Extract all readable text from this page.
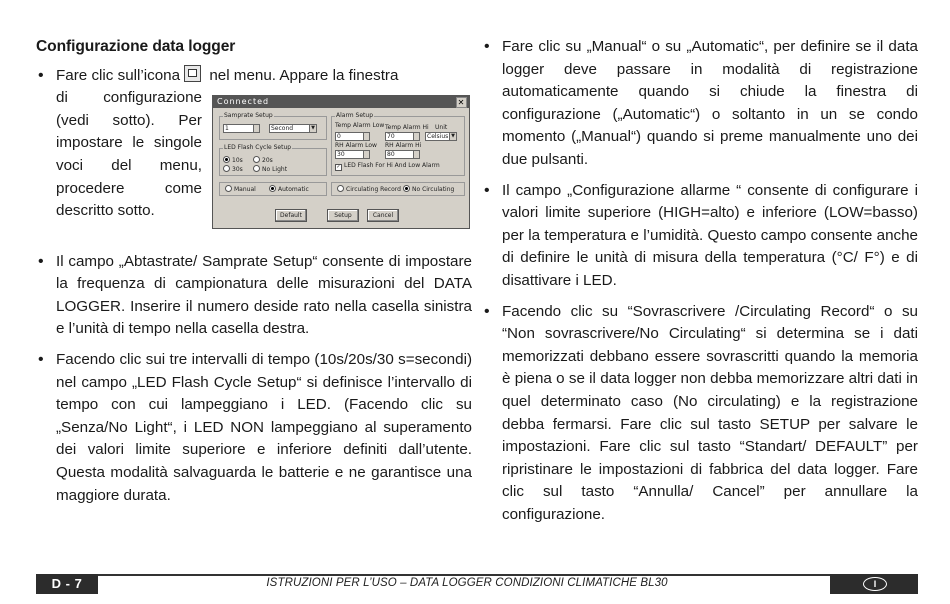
Configurazione data logger
• Fare clic sull’icona nel menu. Appare la finestra
di configurazione (vedi sotto). Per impostare le singole voci del menu, procedere come descritto sotto.
• Il campo „Abtastrate/ Samprate Setup“ consente di impostare la frequenza di campionatura delle misurazioni del DATA LOGGER. Inserire il numero deside rato nella casella sinistra e l’unità di tempo nella casella destra.
• Facendo clic sui tre intervalli di tempo (10s/20s/30 s=secondi) nel campo „LED Flash Cycle Setup“ si definisce l’intervallo di tempo con cui lampeggiano i LED. (Facendo clic su „Senza/No Light“, i LED NON lampeggiano al superamento dei valori limite superiore e inferiore definiti dall’utente. Questa modalità salvaguarda le batterie e ne garantisce una maggiore durata.
Connected	✕
Samprate Setup
1	Second	▼
LED Flash Cycle Setup
10s	20s
30s	No Light
Alarm Setup
Temp Alarm Low Temp Alarm Hi Unit
0	70	Celsius ▼
RH Alarm Low RH Alarm Hi
30	80
✓ LED Flash For Hi And Low Alarm
Manual	Automatic	Circulating Record	No Circulating
Default	Setup	Cancel
• Fare clic su „Manual“ o su „Automatic“, per definire se il data logger deve passare in modalità di registrazione automaticamente quando si chiude la finestra di configurazione („Automatic“) o soltanto in un se condo momento („Manual“) quando si preme manualmente uno dei due pulsanti.
• Il campo „Configurazione allarme “ consente di configurare i valori limite superiore (HIGH=alto) e inferiore (LOW=basso) per la temperatura e l’umidità. Questo campo consente anche di definire le unità di misura della temperatura (°C/ F°) e di disattivare i LED.
• Facendo clic su “Sovrascrivere /Circulating Record“ o su “Non sovrascrivere/No Circulating“ si determina se i dati memorizzati debbano essere sovrascritti quando la memoria è piena o se il data logger non debba memorizzare altri dati in quel determinato caso (No circulating) e la registrazione debba fermarsi. Fare clic sul tasto SETUP per salvare le impostazioni. Fare clic sul tasto “Standart/ DEFAULT” per ripristinare le impostazioni di fabbrica del data logger. Fare clic sul tasto “Annulla/ Cancel” per annullare la configurazione.
D - 7	ISTRUZIONI PER L’USO – DATA LOGGER CONDIZIONI CLIMATICHE BL30	I
